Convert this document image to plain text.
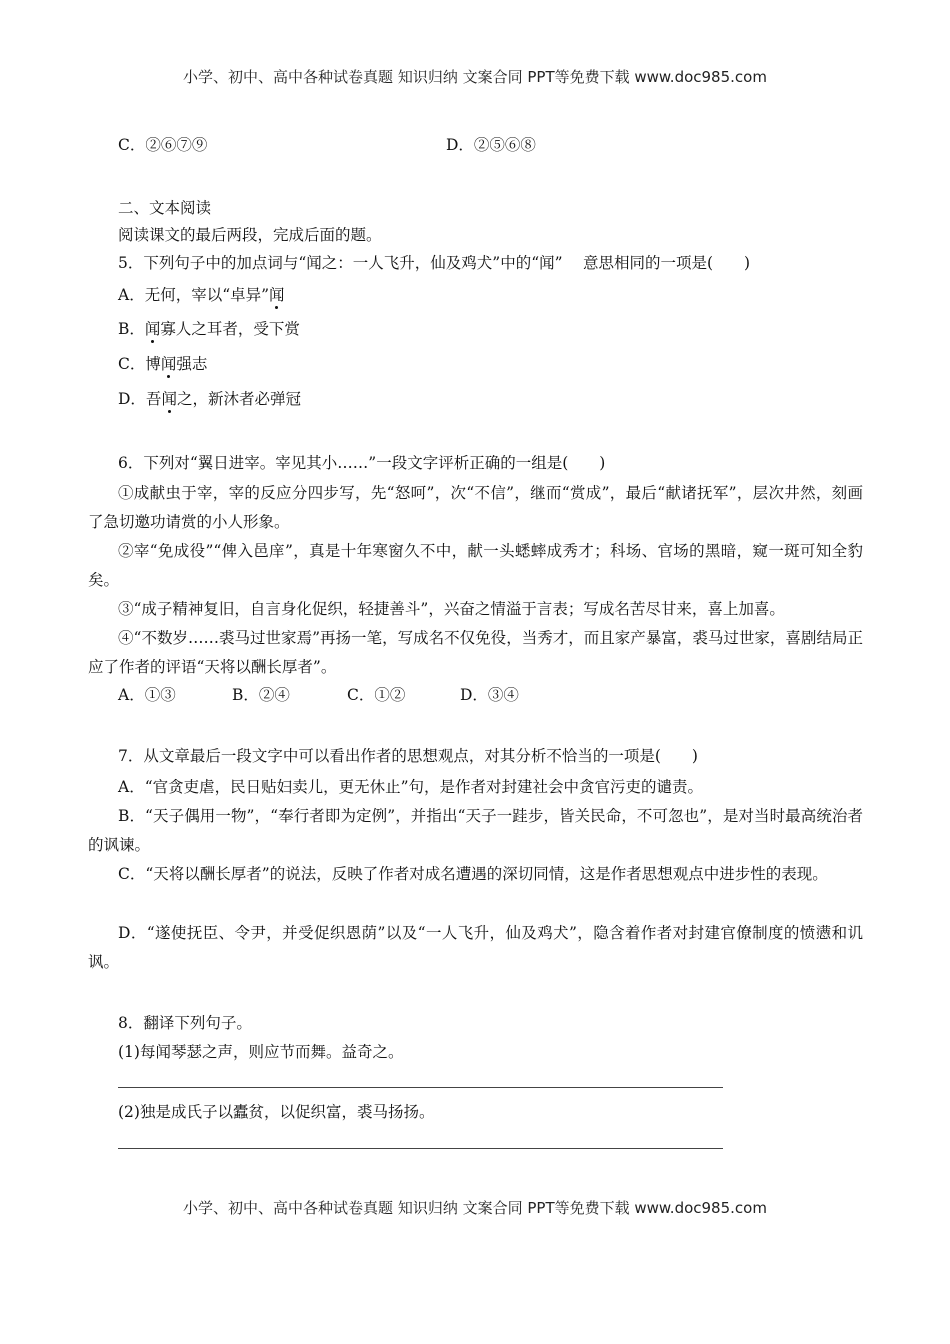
小学、初中、高中各种试卷真题 知识归纳 文案合同 PPT等免费下载 www.doc985.com
C．②⑥⑦⑨	D．②⑤⑥⑧
二、文本阅读
阅读课文的最后两段，完成后面的题。
5．下列句子中的加点词与“闻之：一人飞升，仙及鸡犬”中的“闻”　 意思相同的一项是(　　)
A．无何，宰以“卓异”闻
B．闻寡人之耳者，受下赏
C．博闻强志
D．吾闻之，新沐者必弹冠
6．下列对“翼日进宰。宰见其小……”一段文字评析正确的一组是(　　)
①成献虫于宰，宰的反应分四步写，先“怒呵”，次“不信”，继而“赏成”，最后“献诸抚军”，层次井然，刻画了急切邀功请赏的小人形象。
②宰“免成役”“俾入邑庠”，真是十年寒窗久不中，献一头蟋蟀成秀才；科场、官场的黑暗，窥一斑可知全豹矣。
③“成子精神复旧，自言身化促织，轻捷善斗”，兴奋之情溢于言表；写成名苦尽甘来，喜上加喜。
④“不数岁……裘马过世家焉”再扬一笔，写成名不仅免役，当秀才，而且家产暴富，裘马过世家，喜剧结局正应了作者的评语“天将以酬长厚者”。
A．①③	B．②④	C．①②	D．③④
7．从文章最后一段文字中可以看出作者的思想观点，对其分析不恰当的一项是(　　)
A．“官贪吏虐，民日贴妇卖儿，更无休止”句，是作者对封建社会中贪官污吏的谴责。
B．“天子偶用一物”，“奉行者即为定例”，并指出“天子一跬步，皆关民命，不可忽也”，是对当时最高统治者的讽谏。
C．“天将以酬长厚者”的说法，反映了作者对成名遭遇的深切同情，这是作者思想观点中进步性的表现。
D．“遂使抚臣、令尹，并受促织恩荫”以及“一人飞升，仙及鸡犬”，隐含着作者对封建官僚制度的愤懑和讥讽。
8．翻译下列句子。
(1)每闻琴瑟之声，则应节而舞。益奇之。
(2)独是成氏子以蠹贫，以促织富，裘马扬扬。
小学、初中、高中各种试卷真题 知识归纳 文案合同 PPT等免费下载 www.doc985.com
